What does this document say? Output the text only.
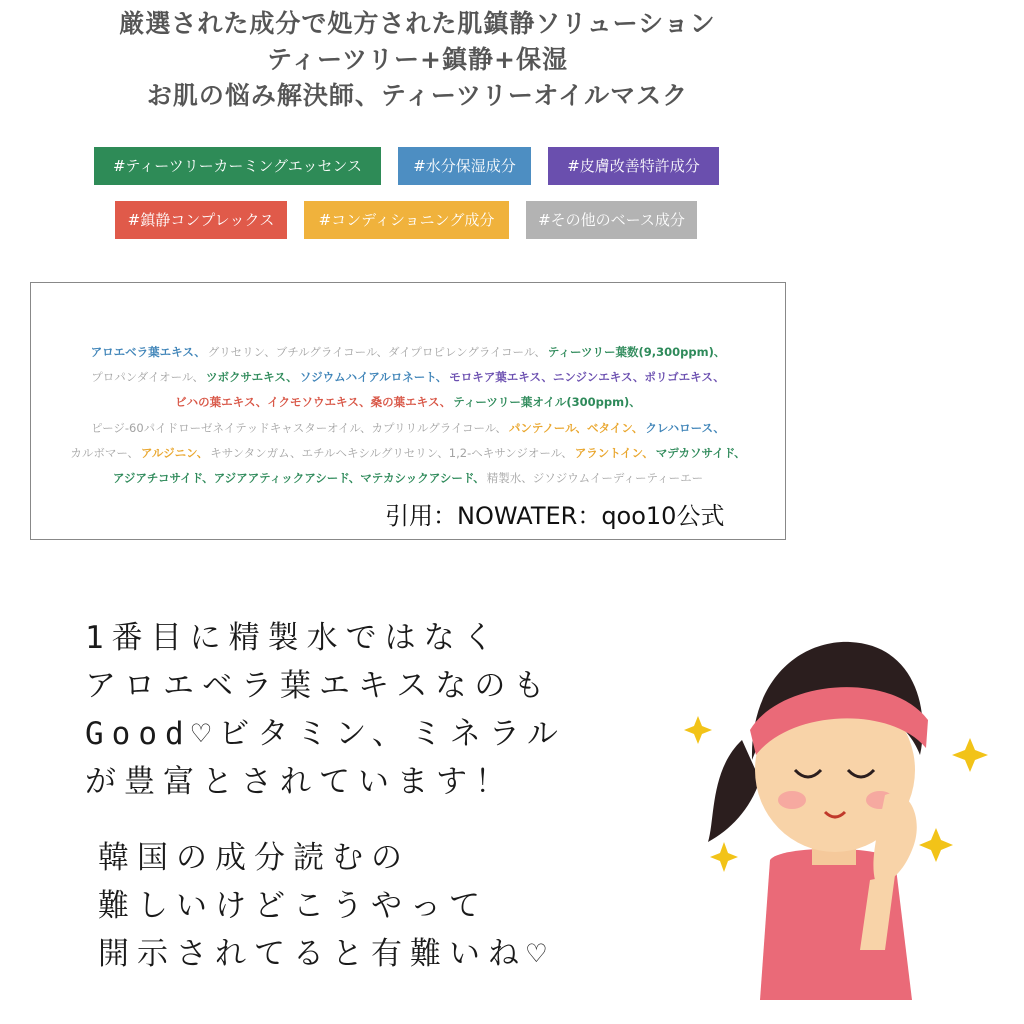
厳選された成分で処方された肌鎮静ソリューション

ティーツリー+鎮静+保湿

お肌の悩み解決師、ティーツリーオイルマスク

#ティーツリーカーミングエッセンス	#水分保湿成分	#皮膚改善特許成分
#鎮静コンプレックス	#コンディショニング成分	#その他のベース成分
アロエベラ葉エキス、 グリセリン、ブチルグライコール、ダイプロピレングライコール、 ティーツリー葉数(9,300ppm)、
プロパンダイオール、 ツボクサエキス、 ソジウムハイアルロネート、 モロキア葉エキス、ニンジンエキス、ポリゴエキス、
ビハの葉エキス、イクモソウエキス、桑の葉エキス、 ティーツリー葉オイル(300ppm)、
ピージ-60パイドローゼネイテッドキャスターオイル、カプリリルグライコール、 パンテノール、ベタイン、 クレハロース、
カルボマー、 アルジニン、 キサンタンガム、エチルヘキシルグリセリン、1,2-ヘキサンジオール、 アラントイン、 マデカソサイド、
アジアチコサイド、アジアアティックアシード、マテカシックアシード、 精製水、ジソジウムイーディーティーエー
引用：NOWATER：qoo10公式

1番目に精製水ではなく

アロエベラ葉エキスなのも

Good♡ビタミン、ミネラル

が豊富とされています！

韓国の成分読むの

難しいけどこうやって

開示されてると有難いね♡
